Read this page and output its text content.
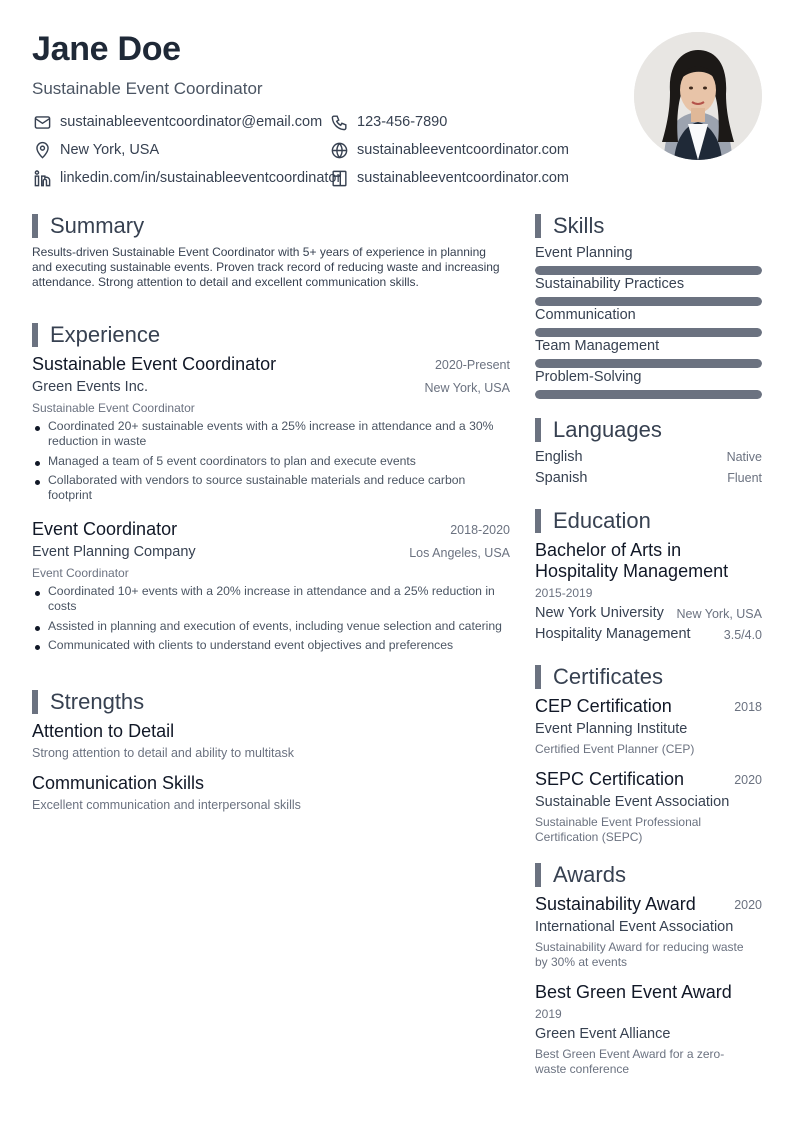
Jane Doe
Sustainable Event Coordinator
sustainableeventcoordinator@email.com 123-456-7890
New York, USA	sustainableeventcoordinator.com
linkedin.com/in/sustainableeventcoordinator sustainableeventcoordinator.com
Summary
Results-driven Sustainable Event Coordinator with 5+ years of experience in planning and executing sustainable events. Proven track record of reducing waste and increasing attendance. Strong attention to detail and excellent communication skills.
Experience
Sustainable Event Coordinator	2020-Present
Green Events Inc.	New York, USA
Sustainable Event Coordinator
Coordinated 20+ sustainable events with a 25% increase in attendance and a 30% reduction in waste
Managed a team of 5 event coordinators to plan and execute events
Collaborated with vendors to source sustainable materials and reduce carbon footprint
Event Coordinator	2018-2020
Event Planning Company	Los Angeles, USA
Event Coordinator
Coordinated 10+ events with a 20% increase in attendance and a 25% reduction in costs
Assisted in planning and execution of events, including venue selection and catering
Communicated with clients to understand event objectives and preferences
Strengths
Attention to Detail
Strong attention to detail and ability to multitask
Communication Skills
Excellent communication and interpersonal skills
Skills
Event Planning
Sustainability Practices
Communication
Team Management
Problem-Solving
Languages
English	Native
Spanish	Fluent
Education
Bachelor of Arts in
Hospitality Management
2015-2019
New York University New York, USA
Hospitality Management	3.5/4.0
Certificates
CEP Certification	2018
Event Planning Institute
Certified Event Planner (CEP)
SEPC Certification	2020
Sustainable Event Association
Sustainable Event Professional Certification (SEPC)
Awards
Sustainability Award	2020
International Event Association
Sustainability Award for reducing waste by 30% at events
Best Green Event Award
2019
Green Event Alliance
Best Green Event Award for a zero-waste conference
